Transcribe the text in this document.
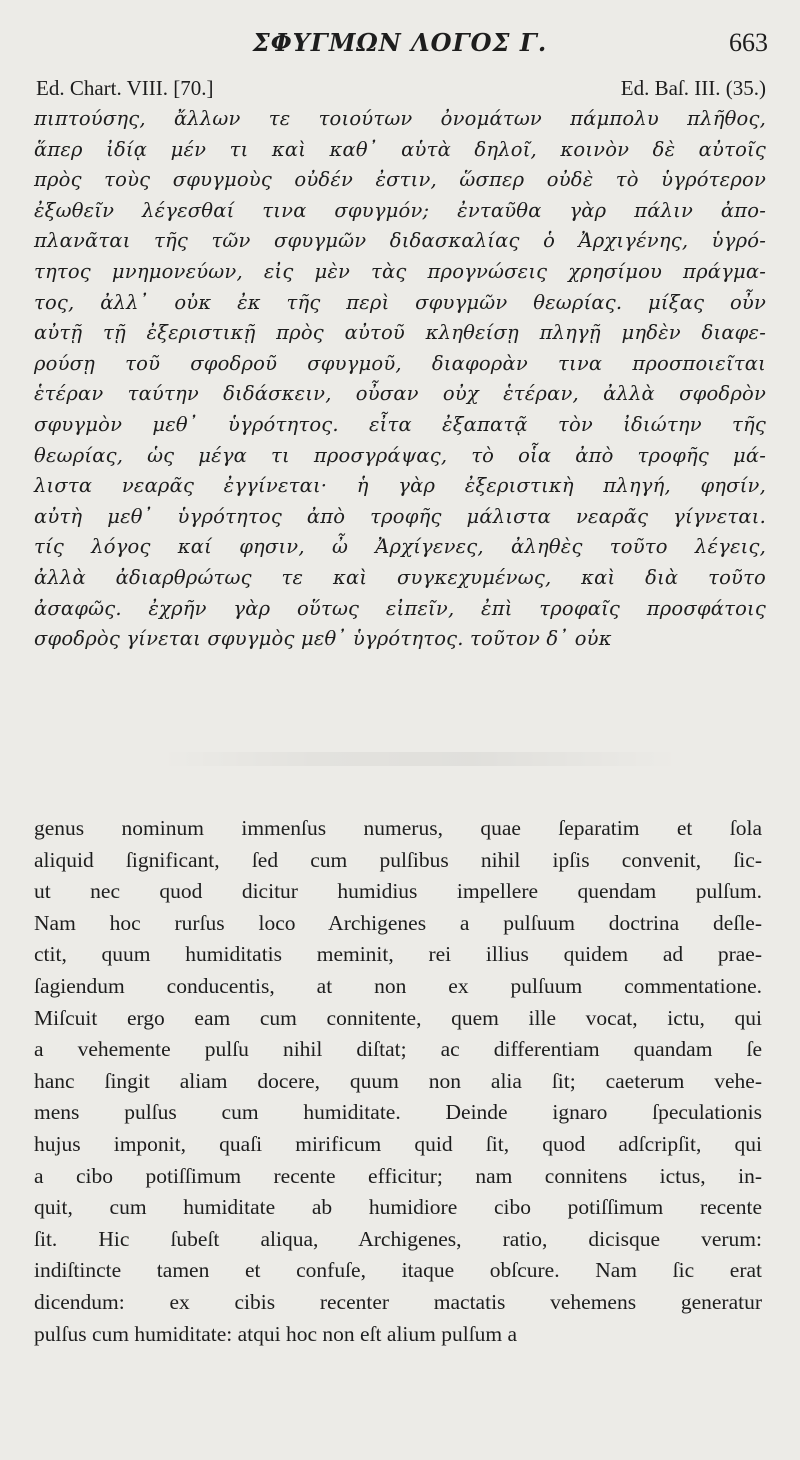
ΣΦΥΓΜΩΝ ΛΟΓΟΣ Γ.	663
Ed. Chart. VIII. [70.]	Ed. Baſ. III. (35.)
πιπτούσης, ἄλλων τε τοιούτων ὀνομάτων πάμπολυ πλῆθος,
ἅπερ ἰδίᾳ μέν τι καὶ καθ᾿ αὑτὰ δηλοῖ, κοινὸν δὲ αὐτοῖς
πρὸς τοὺς σφυγμοὺς οὐδέν ἐστιν, ὥσπερ οὐδὲ τὸ ὑγρότερον
ἐξωθεῖν λέγεσθαί τινα σφυγμόν; ἐνταῦθα γὰρ πάλιν ἀπο-
πλανᾶται τῆς τῶν σφυγμῶν διδασκαλίας ὁ Ἀρχιγένης, ὑγρό-
τητος μνημονεύων, εἰς μὲν τὰς προγνώσεις χρησίμου πράγμα-
τος, ἀλλ᾿ οὐκ ἐκ τῆς περὶ σφυγμῶν θεωρίας. μίξας οὖν
αὐτῇ τῇ ἐξεριστικῇ πρὸς αὐτοῦ κληθείσῃ πληγῇ μηδὲν διαφε-
ρούσῃ τοῦ σφοδροῦ σφυγμοῦ, διαφορὰν τινα προσποιεῖται
ἑτέραν ταύτην διδάσκειν, οὖσαν οὐχ ἑτέραν, ἀλλὰ σφοδρὸν
σφυγμὸν μεθ᾿ ὑγρότητος. εἶτα ἐξαπατᾷ τὸν ἰδιώτην τῆς
θεωρίας, ὡς μέγα τι προσγράψας, τὸ οἷα ἀπὸ τροφῆς μά-
λιστα νεαρᾶς ἐγγίνεται· ἡ γὰρ ἐξεριστικὴ πληγή, φησίν,
αὐτὴ μεθ᾿ ὑγρότητος ἀπὸ τροφῆς μάλιστα νεαρᾶς γίγνεται.
τίς λόγος καί φησιν, ὦ Ἀρχίγενες, ἀληθὲς τοῦτο λέγεις,
ἀλλὰ ἀδιαρθρώτως τε καὶ συγκεχυμένως, καὶ διὰ τοῦτο
ἀσαφῶς. ἐχρῆν γὰρ οὕτως εἰπεῖν, ἐπὶ τροφαῖς προσφάτοις
σφοδρὸς γίνεται σφυγμὸς μεθ᾿ ὑγρότητος. τοῦτον δ᾿ οὐκ
genus nominum immenſus numerus, quae ſeparatim et ſola
aliquid ſignificant, ſed cum pulſibus nihil ipſis convenit, ſic-
ut nec quod dicitur humidius impellere quendam pulſum.
Nam hoc rurſus loco Archigenes a pulſuum doctrina deſle-
ctit, quum humiditatis meminit, rei illius quidem ad prae-
ſagiendum conducentis, at non ex pulſuum commentatione.
Miſcuit ergo eam cum connitente, quem ille vocat, ictu, qui
a vehemente pulſu nihil diſtat; ac differentiam quandam ſe
hanc ſingit aliam docere, quum non alia ſit; caeterum vehe-
mens pulſus cum humiditate. Deinde ignaro ſpeculationis
hujus imponit, quaſi mirificum quid ſit, quod adſcripſit, qui
a cibo potiſſimum recente efficitur; nam connitens ictus, in-
quit, cum humiditate ab humidiore cibo potiſſimum recente
ſit. Hic ſubeſt aliqua, Archigenes, ratio, dicisque verum:
indiſtincte tamen et confuſe, itaque obſcure. Nam ſic erat
dicendum: ex cibis recenter mactatis vehemens generatur
pulſus cum humiditate: atqui hoc non eſt alium pulſum a
